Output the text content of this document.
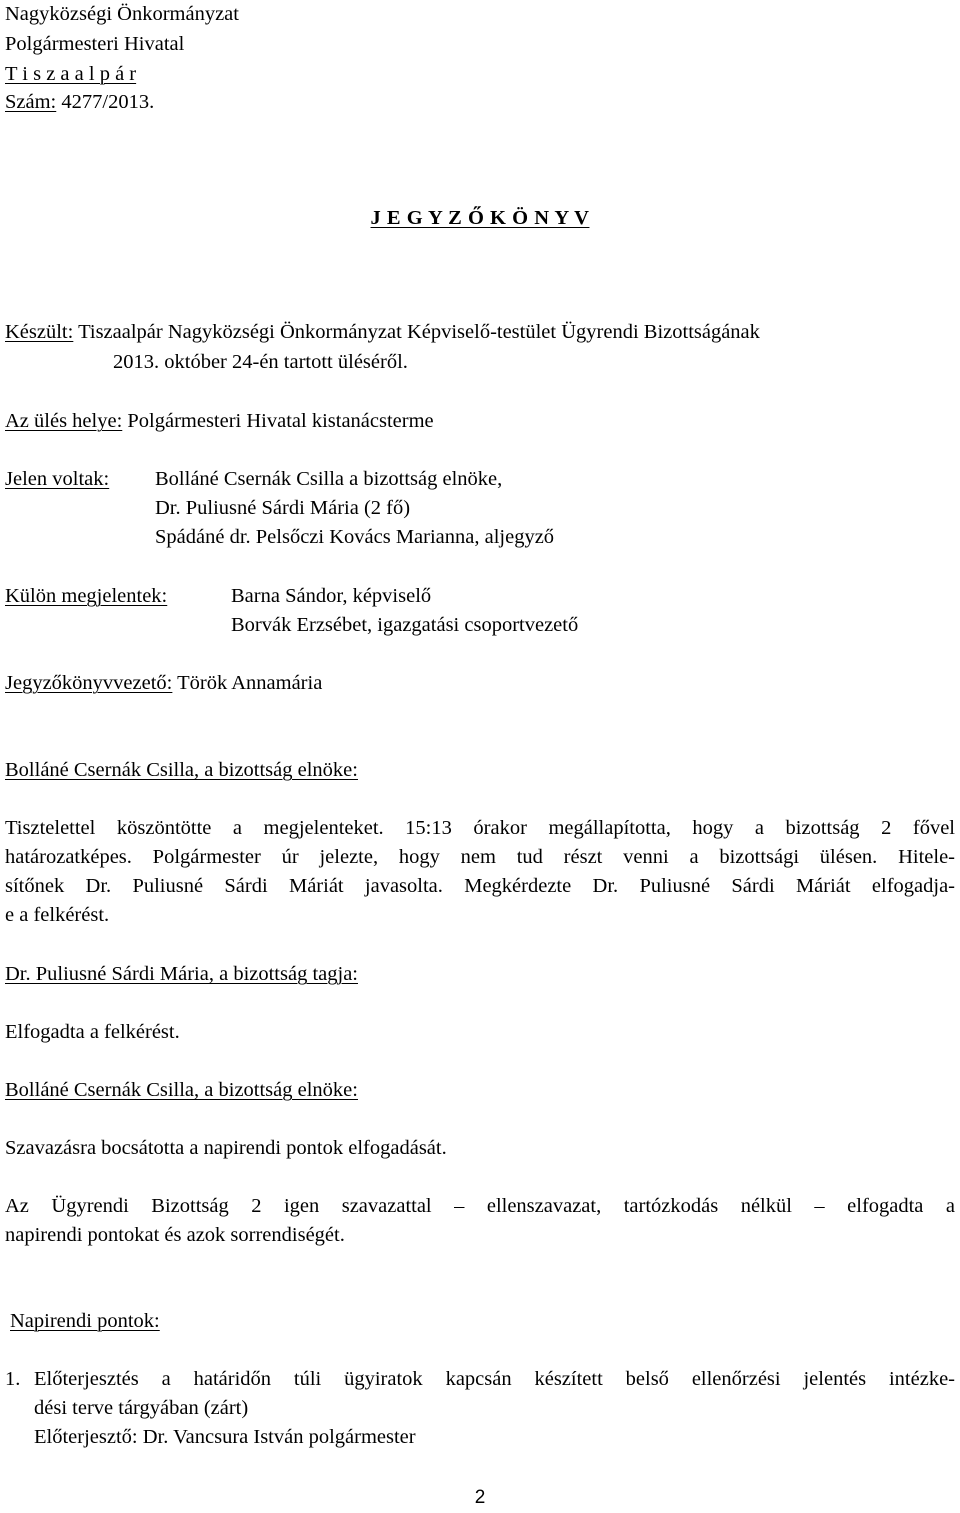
Nagyközségi Önkormányzat
Polgármesteri Hivatal
T i s z a a l p á r
Szám: 4277/2013.
J E G Y Z Ő K Ö N Y V
Készült: Tiszaalpár Nagyközségi Önkormányzat Képviselő-testület Ügyrendi Bizottságának
2013. október 24-én tartott üléséről.
Az ülés helye: Polgármesteri Hivatal kistanácsterme
Jelen voltak: Bolláné Csernák Csilla a bizottság elnöke,
Dr. Puliusné Sárdi Mária (2 fő)
Spádáné dr. Pelsőczi Kovács Marianna, aljegyző
Külön megjelentek:	Barna Sándor, képviselő
Borvák Erzsébet, igazgatási csoportvezető
Jegyzőkönyvvezető: Török Annamária
Bolláné Csernák Csilla, a bizottság elnöke:
Tisztelettel köszöntötte a megjelenteket. 15:13 órakor megállapította, hogy a bizottság 2 fővel
határozatképes. Polgármester úr jelezte, hogy nem tud részt venni a bizottsági ülésen. Hitele-
sítőnek Dr. Puliusné Sárdi Máriát javasolta. Megkérdezte Dr. Puliusné Sárdi Máriát elfogadja-
e a felkérést.
Dr. Puliusné Sárdi Mária, a bizottság tagja:
Elfogadta a felkérést.
Bolláné Csernák Csilla, a bizottság elnöke:
Szavazásra bocsátotta a napirendi pontok elfogadását.
Az Ügyrendi Bizottság 2 igen szavazattal – ellenszavazat, tartózkodás nélkül – elfogadta a
napirendi pontokat és azok sorrendiségét.
Napirendi pontok:
1. Előterjesztés a határidőn túli ügyiratok kapcsán készített belső ellenőrzési jelentés intézke-
dési terve tárgyában (zárt)
Előterjesztő: Dr. Vancsura István polgármester
2
